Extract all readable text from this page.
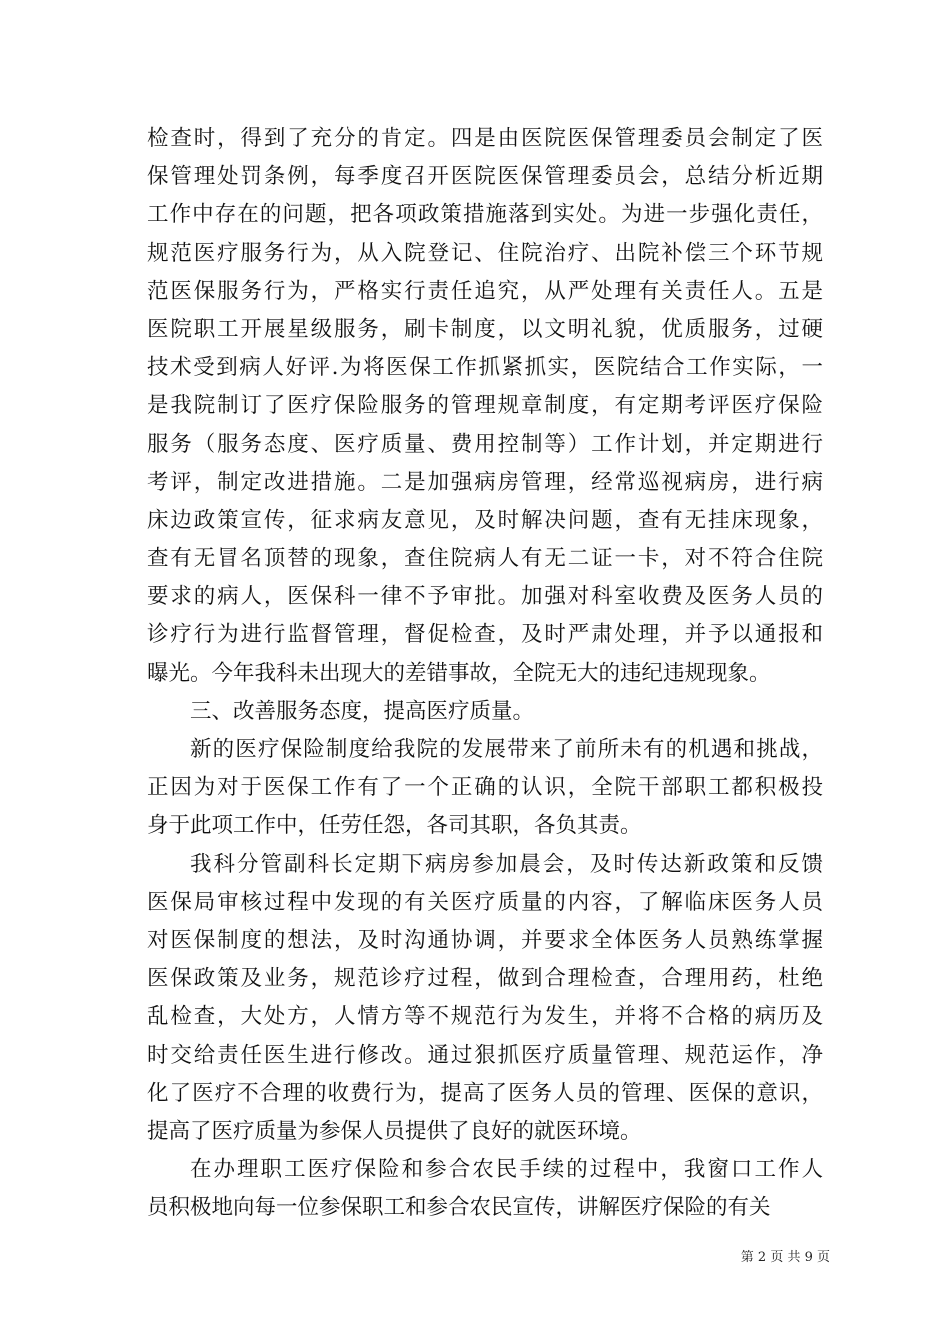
检查时，得到了充分的肯定。四是由医院医保管理委员会制定了医
保管理处罚条例，每季度召开医院医保管理委员会，总结分析近期
工作中存在的问题，把各项政策措施落到实处。为进一步强化责任，
规范医疗服务行为，从入院登记、住院治疗、出院补偿三个环节规
范医保服务行为，严格实行责任追究，从严处理有关责任人。五是
医院职工开展星级服务，刷卡制度，以文明礼貌，优质服务，过硬
技术受到病人好评.为将医保工作抓紧抓实，医院结合工作实际，一
是我院制订了医疗保险服务的管理规章制度，有定期考评医疗保险
服务（服务态度、医疗质量、费用控制等）工作计划，并定期进行
考评，制定改进措施。二是加强病房管理，经常巡视病房，进行病
床边政策宣传，征求病友意见，及时解决问题，查有无挂床现象，
查有无冒名顶替的现象，查住院病人有无二证一卡，对不符合住院
要求的病人，医保科一律不予审批。加强对科室收费及医务人员的
诊疗行为进行监督管理，督促检查，及时严肃处理，并予以通报和
曝光。今年我科未出现大的差错事故，全院无大的违纪违规现象。
三、改善服务态度，提高医疗质量。
新的医疗保险制度给我院的发展带来了前所未有的机遇和挑战，
正因为对于医保工作有了一个正确的认识，全院干部职工都积极投
身于此项工作中，任劳任怨，各司其职，各负其责。
我科分管副科长定期下病房参加晨会，及时传达新政策和反馈
医保局审核过程中发现的有关医疗质量的内容，了解临床医务人员
对医保制度的想法，及时沟通协调，并要求全体医务人员熟练掌握
医保政策及业务，规范诊疗过程，做到合理检查，合理用药，杜绝
乱检查，大处方，人情方等不规范行为发生，并将不合格的病历及
时交给责任医生进行修改。通过狠抓医疗质量管理、规范运作，净
化了医疗不合理的收费行为，提高了医务人员的管理、医保的意识，
提高了医疗质量为参保人员提供了良好的就医环境。
在办理职工医疗保险和参合农民手续的过程中，我窗口工作人
员积极地向每一位参保职工和参合农民宣传，讲解医疗保险的有关
第 2 页 共 9 页
